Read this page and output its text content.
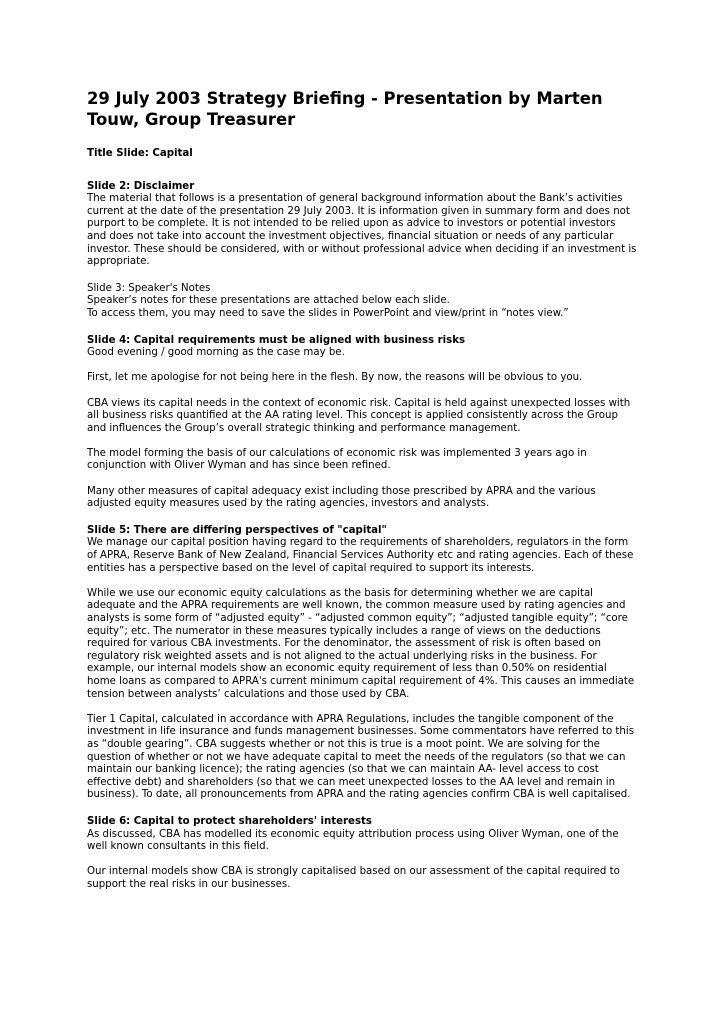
29 July 2003 Strategy Briefing - Presentation by Marten Touw, Group Treasurer

Title Slide: Capital

Slide 2: Disclaimer

The material that follows is a presentation of general background information about the Bank’s activities current at the date of the presentation 29 July 2003. It is information given in summary form and does not purport to be complete. It is not intended to be relied upon as advice to investors or potential investors and does not take into account the investment objectives, financial situation or needs of any particular investor. These should be considered, with or without professional advice when deciding if an investment is appropriate.

Slide 3: Speaker's Notes

Speaker’s notes for these presentations are attached below each slide.

To access them, you may need to save the slides in PowerPoint and view/print in “notes view.”

Slide 4: Capital requirements must be aligned with business risks

Good evening / good morning as the case may be.

First, let me apologise for not being here in the flesh. By now, the reasons will be obvious to you.

CBA views its capital needs in the context of economic risk. Capital is held against unexpected losses with all business risks quantified at the AA rating level. This concept is applied consistently across the Group and influences the Group’s overall strategic thinking and performance management.

The model forming the basis of our calculations of economic risk was implemented 3 years ago in conjunction with Oliver Wyman and has since been refined.

Many other measures of capital adequacy exist including those prescribed by APRA and the various adjusted equity measures used by the rating agencies, investors and analysts.

Slide 5: There are differing perspectives of "capital"

We manage our capital position having regard to the requirements of shareholders, regulators in the form of APRA, Reserve Bank of New Zealand, Financial Services Authority etc and rating agencies. Each of these entities has a perspective based on the level of capital required to support its interests.

While we use our economic equity calculations as the basis for determining whether we are capital adequate and the APRA requirements are well known, the common measure used by rating agencies and analysts is some form of “adjusted equity” - “adjusted common equity”; “adjusted tangible equity”; “core equity”; etc. The numerator in these measures typically includes a range of views on the deductions required for various CBA investments. For the denominator, the assessment of risk is often based on regulatory risk weighted assets and is not aligned to the actual underlying risks in the business. For example, our internal models show an economic equity requirement of less than 0.50% on residential home loans as compared to APRA's current minimum capital requirement of 4%. This causes an immediate tension between analysts’ calculations and those used by CBA.

Tier 1 Capital, calculated in accordance with APRA Regulations, includes the tangible component of the investment in life insurance and funds management businesses. Some commentators have referred to this as “double gearing”. CBA suggests whether or not this is true is a moot point. We are solving for the question of whether or not we have adequate capital to meet the needs of the regulators (so that we can maintain our banking licence); the rating agencies (so that we can maintain AA- level access to cost effective debt) and shareholders (so that we can meet unexpected losses to the AA level and remain in business). To date, all pronouncements from APRA and the rating agencies confirm CBA is well capitalised.

Slide 6: Capital to protect shareholders' interests

As discussed, CBA has modelled its economic equity attribution process using Oliver Wyman, one of the well known consultants in this field.

Our internal models show CBA is strongly capitalised based on our assessment of the capital required to support the real risks in our businesses.
